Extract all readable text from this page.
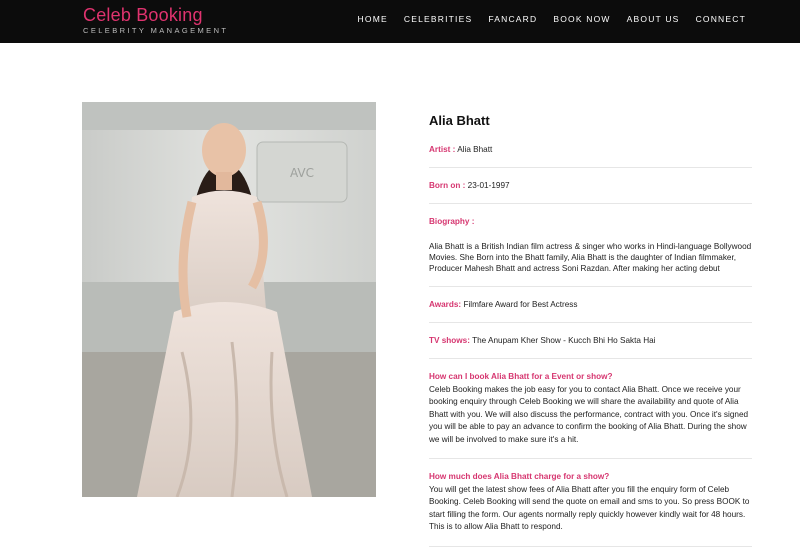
Celeb Booking
CELEBRITY MANAGEMENT
HOME CELEBRITIES FANCARD BOOK NOW ABOUT US CONNECT
AVC
Alia Bhatt
Artist : Alia Bhatt
Born on : 23-01-1997
Biography :
Alia Bhatt is a British Indian film actress & singer who works in Hindi-language Bollywood Movies. She Born into the Bhatt family, Alia Bhatt is the daughter of Indian filmmaker, Producer Mahesh Bhatt and actress Soni Razdan. After making her acting debut
Awards: Filmfare Award for Best Actress
TV shows: The Anupam Kher Show - Kucch Bhi Ho Sakta Hai
How can I book Alia Bhatt for a Event or show?
Celeb Booking makes the job easy for you to contact Alia Bhatt. Once we receive your booking enquiry through Celeb Booking we will share the availability and quote of Alia Bhatt with you. We will also discuss the performance, contract with you. Once it's signed you will be able to pay an advance to confirm the booking of Alia Bhatt. During the show we will be involved to make sure it's a hit.
How much does Alia Bhatt charge for a show?
You will get the latest show fees of Alia Bhatt after you fill the enquiry form of Celeb Booking. Celeb Booking will send the quote on email and sms to you. So press BOOK to start filling the form. Our agents normally reply quickly however kindly wait for 48 hours. This is to allow Alia Bhatt to respond.
